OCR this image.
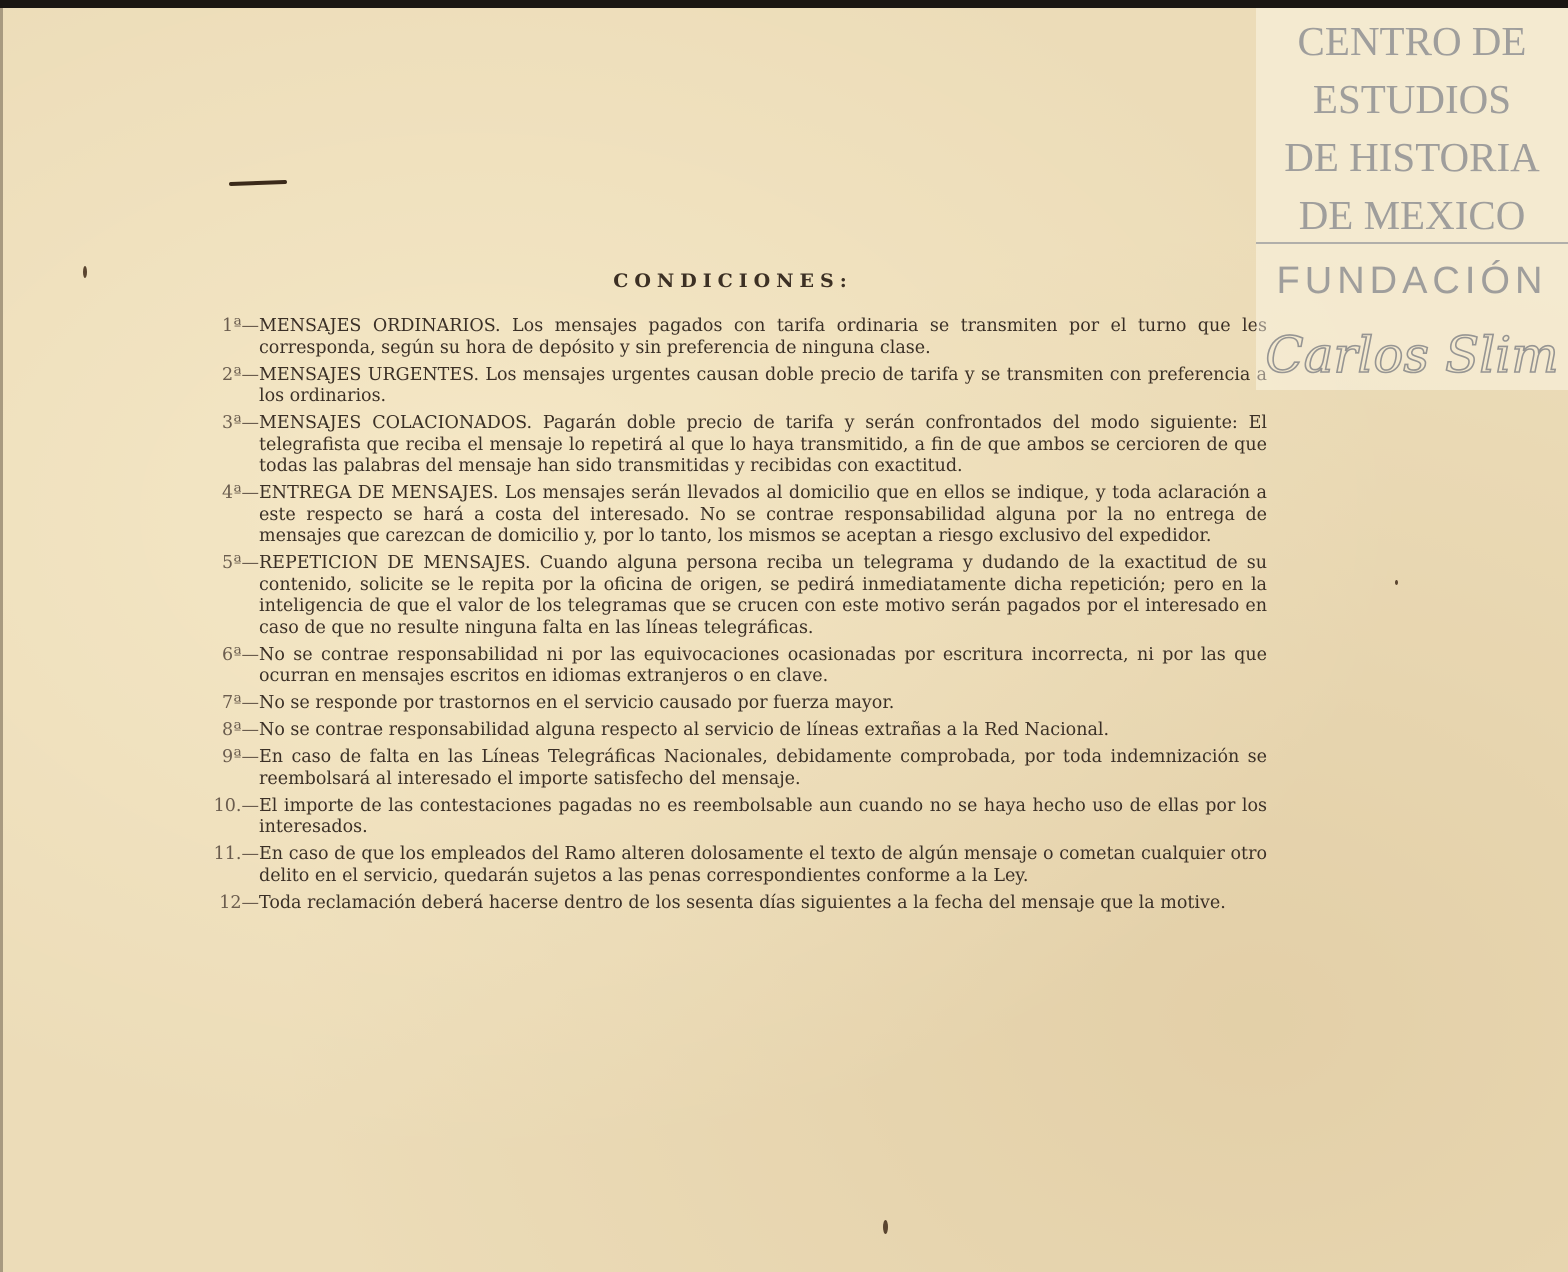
CONDICIONES:
1ª— MENSAJES ORDINARIOS. Los mensajes pagados con tarifa ordinaria se transmiten por el turno que les corresponda, según su hora de depósito y sin preferencia de ninguna clase.
2ª— MENSAJES URGENTES. Los mensajes urgentes causan doble precio de tarifa y se transmiten con preferencia a los ordinarios.
3ª— MENSAJES COLACIONADOS. Pagarán doble precio de tarifa y serán confrontados del modo siguiente: El telegrafista que reciba el mensaje lo repetirá al que lo haya transmitido, a fin de que ambos se cercioren de que todas las palabras del mensaje han sido transmitidas y recibidas con exactitud.
4ª— ENTREGA DE MENSAJES. Los mensajes serán llevados al domicilio que en ellos se indique, y toda aclaración a este respecto se hará a costa del interesado. No se contrae responsabilidad alguna por la no entrega de mensajes que carezcan de domicilio y, por lo tanto, los mismos se aceptan a riesgo exclusivo del expedidor.
5ª— REPETICION DE MENSAJES. Cuando alguna persona reciba un telegrama y dudando de la exactitud de su contenido, solicite se le repita por la oficina de origen, se pedirá inmediatamente dicha repetición; pero en la inteligencia de que el valor de los telegramas que se crucen con este motivo serán pagados por el interesado en caso de que no resulte ninguna falta en las líneas telegráficas.
6ª— No se contrae responsabilidad ni por las equivocaciones ocasionadas por escritura incorrecta, ni por las que ocurran en mensajes escritos en idiomas extranjeros o en clave.
7ª— No se responde por trastornos en el servicio causado por fuerza mayor.
8ª— No se contrae responsabilidad alguna respecto al servicio de líneas extrañas a la Red Nacional.
9ª— En caso de falta en las Líneas Telegráficas Nacionales, debidamente comprobada, por toda indemnización se reembolsará al interesado el importe satisfecho del mensaje.
10.— El importe de las contestaciones pagadas no es reembolsable aun cuando no se haya hecho uso de ellas por los interesados.
11.— En caso de que los empleados del Ramo alteren dolosamente el texto de algún mensaje o cometan cualquier otro delito en el servicio, quedarán sujetos a las penas correspondientes conforme a la Ley.
12— Toda reclamación deberá hacerse dentro de los sesenta días siguientes a la fecha del mensaje que la motive.
CENTRO DE
ESTUDIOS
DE HISTORIA
DE MEXICO
FUNDACIÓN
Carlos Slim
